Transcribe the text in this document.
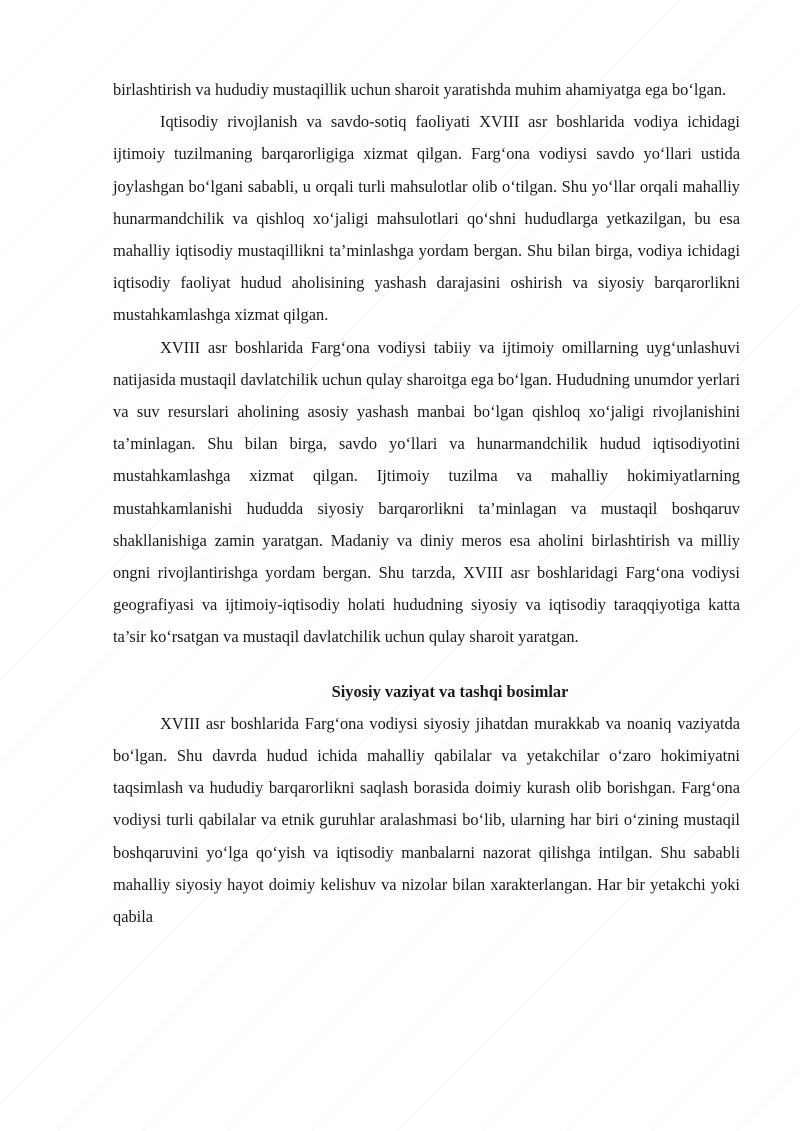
birlashtirish va hududiy mustaqillik uchun sharoit yaratishda muhim ahamiyatga ega bo‘lgan.

Iqtisodiy rivojlanish va savdo-sotiq faoliyati XVIII asr boshlarida vodiya ichidagi ijtimoiy tuzilmaning barqarorligiga xizmat qilgan. Farg‘ona vodiysi savdo yo‘llari ustida joylashgan bo‘lgani sababli, u orqali turli mahsulotlar olib o‘tilgan. Shu yo‘llar orqali mahalliy hunarmandchilik va qishloq xo‘jaligi mahsulotlari qo‘shni hududlarga yetkazilgan, bu esa mahalliy iqtisodiy mustaqillikni ta’minlashga yordam bergan. Shu bilan birga, vodiya ichidagi iqtisodiy faoliyat hudud aholisining yashash darajasini oshirish va siyosiy barqarorlikni mustahkamlashga xizmat qilgan.

XVIII asr boshlarida Farg‘ona vodiysi tabiiy va ijtimoiy omillarning uyg‘unlashuvi natijasida mustaqil davlatchilik uchun qulay sharoitga ega bo‘lgan. Hududning unumdor yerlari va suv resurslari aholining asosiy yashash manbai bo‘lgan qishloq xo‘jaligi rivojlanishini ta’minlagan. Shu bilan birga, savdo yo‘llari va hunarmandchilik hudud iqtisodiyotini mustahkamlashga xizmat qilgan. Ijtimoiy tuzilma va mahalliy hokimiyatlarning mustahkamlanishi hududda siyosiy barqarorlikni ta’minlagan va mustaqil boshqaruv shakllanishiga zamin yaratgan. Madaniy va diniy meros esa aholini birlashtirish va milliy ongni rivojlantirishga yordam bergan. Shu tarzda, XVIII asr boshlaridagi Farg‘ona vodiysi geografiyasi va ijtimoiy-iqtisodiy holati hududning siyosiy va iqtisodiy taraqqiyotiga katta ta’sir ko‘rsatgan va mustaqil davlatchilik uchun qulay sharoit yaratgan.

Siyosiy vaziyat va tashqi bosimlar

XVIII asr boshlarida Farg‘ona vodiysi siyosiy jihatdan murakkab va noaniq vaziyatda bo‘lgan. Shu davrda hudud ichida mahalliy qabilalar va yetakchilar o‘zaro hokimiyatni taqsimlash va hududiy barqarorlikni saqlash borasida doimiy kurash olib borishgan. Farg‘ona vodiysi turli qabilalar va etnik guruhlar aralashmasi bo‘lib, ularning har biri o‘zining mustaqil boshqaruvini yo‘lga qo‘yish va iqtisodiy manbalarni nazorat qilishga intilgan. Shu sababli mahalliy siyosiy hayot doimiy kelishuv va nizolar bilan xarakterlangan. Har bir yetakchi yoki qabila
